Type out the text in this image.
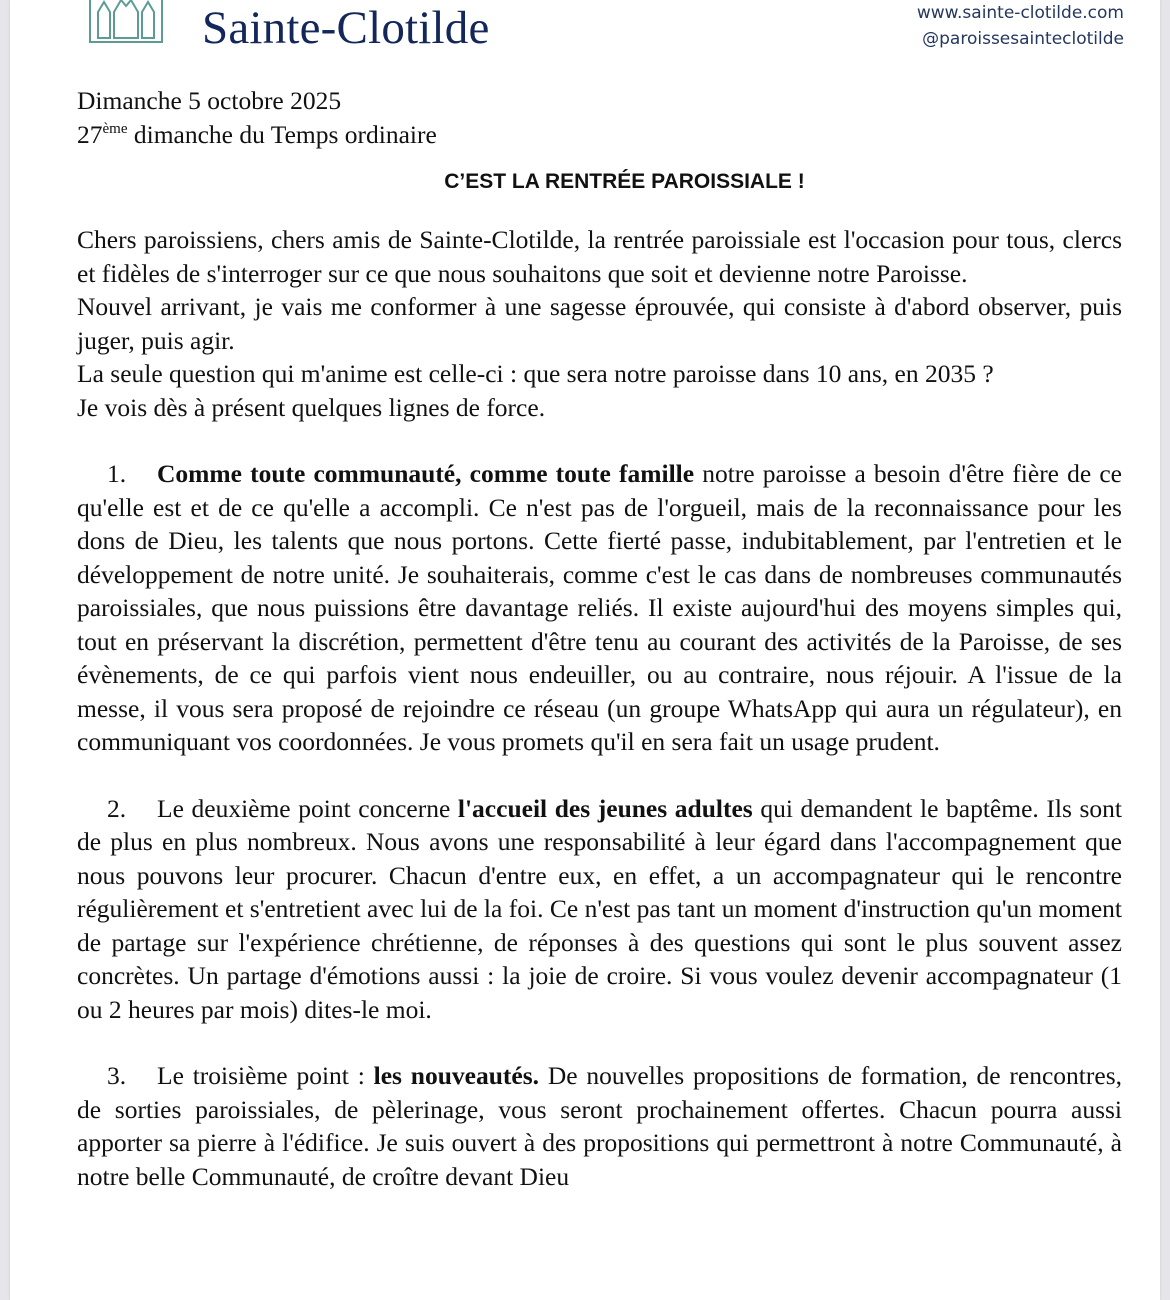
Sainte-Clotilde	www.sainte-clotilde.com
@paroissesainteclotilde

Dimanche 5 octobre 2025

27ème dimanche du Temps ordinaire

C’EST LA RENTRÉE PAROISSIALE !

Chers paroissiens, chers amis de Sainte-Clotilde, la rentrée paroissiale est l'occasion pour tous, clercs et fidèles de s'interroger sur ce que nous souhaitons que soit et devienne notre Paroisse.

Nouvel arrivant, je vais me conformer à une sagesse éprouvée, qui consiste à d'abord observer, puis juger, puis agir.

La seule question qui m'anime est celle-ci : que sera notre paroisse dans 10 ans, en 2035 ?

Je vois dès à présent quelques lignes de force.

1. Comme toute communauté, comme toute famille notre paroisse a besoin d'être fière de ce qu'elle est et de ce qu'elle a accompli. Ce n'est pas de l'orgueil, mais de la reconnaissance pour les dons de Dieu, les talents que nous portons. Cette fierté passe, indubitablement, par l'entretien et le développement de notre unité. Je souhaiterais, comme c'est le cas dans de nombreuses communautés paroissiales, que nous puissions être davantage reliés. Il existe aujourd'hui des moyens simples qui, tout en préservant la discrétion, permettent d'être tenu au courant des activités de la Paroisse, de ses évènements, de ce qui parfois vient nous endeuiller, ou au contraire, nous réjouir. A l'issue de la messe, il vous sera proposé de rejoindre ce réseau (un groupe WhatsApp qui aura un régulateur), en communiquant vos coordonnées. Je vous promets qu'il en sera fait un usage prudent.

2. Le deuxième point concerne l'accueil des jeunes adultes qui demandent le baptême. Ils sont de plus en plus nombreux. Nous avons une responsabilité à leur égard dans l'accompagnement que nous pouvons leur procurer. Chacun d'entre eux, en effet, a un accompagnateur qui le rencontre régulièrement et s'entretient avec lui de la foi. Ce n'est pas tant un moment d'instruction qu'un moment de partage sur l'expérience chrétienne, de réponses à des questions qui sont le plus souvent assez concrètes. Un partage d'émotions aussi : la joie de croire. Si vous voulez devenir accompagnateur (1 ou 2 heures par mois) dites-le moi.

3. Le troisième point : les nouveautés. De nouvelles propositions de formation, de rencontres, de sorties paroissiales, de pèlerinage, vous seront prochainement offertes. Chacun pourra aussi apporter sa pierre à l'édifice. Je suis ouvert à des propositions qui permettront à notre Communauté, à notre belle Communauté, de croître devant Dieu
